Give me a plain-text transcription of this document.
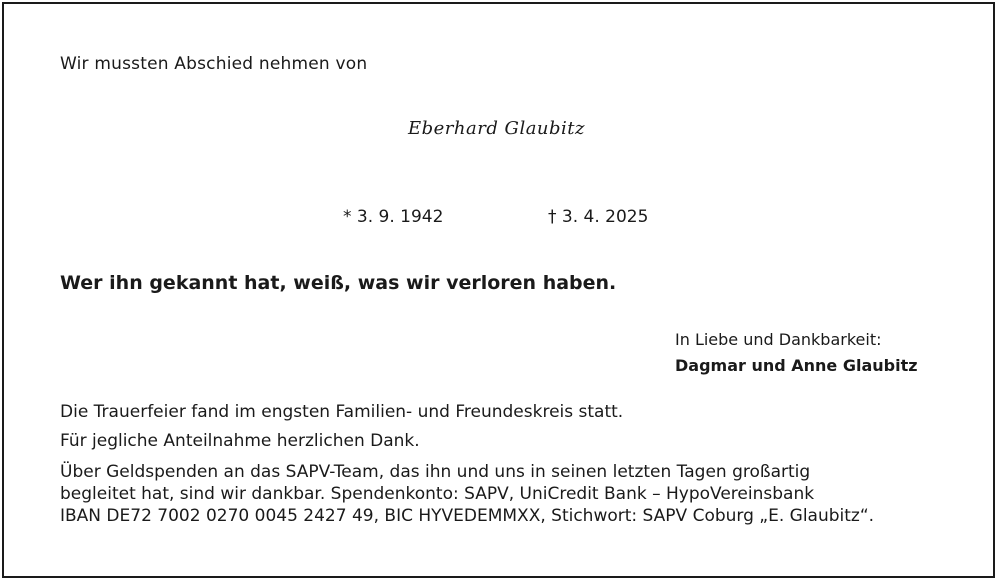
Wir mussten Abschied nehmen von
Eberhard Glaubitz
* 3. 9. 1942	† 3. 4. 2025
Wer ihn gekannt hat, weiß, was wir verloren haben.
In Liebe und Dankbarkeit:
Dagmar und Anne Glaubitz
Die Trauerfeier fand im engsten Familien- und Freundeskreis statt.
Für jegliche Anteilnahme herzlichen Dank.
Über Geldspenden an das SAPV-Team, das ihn und uns in seinen letzten Tagen großartig
begleitet hat, sind wir dankbar. Spendenkonto: SAPV, UniCredit Bank – HypoVereinsbank
IBAN DE72 7002 0270 0045 2427 49, BIC HYVEDEMMXX, Stichwort: SAPV Coburg „E. Glaubitz“.
